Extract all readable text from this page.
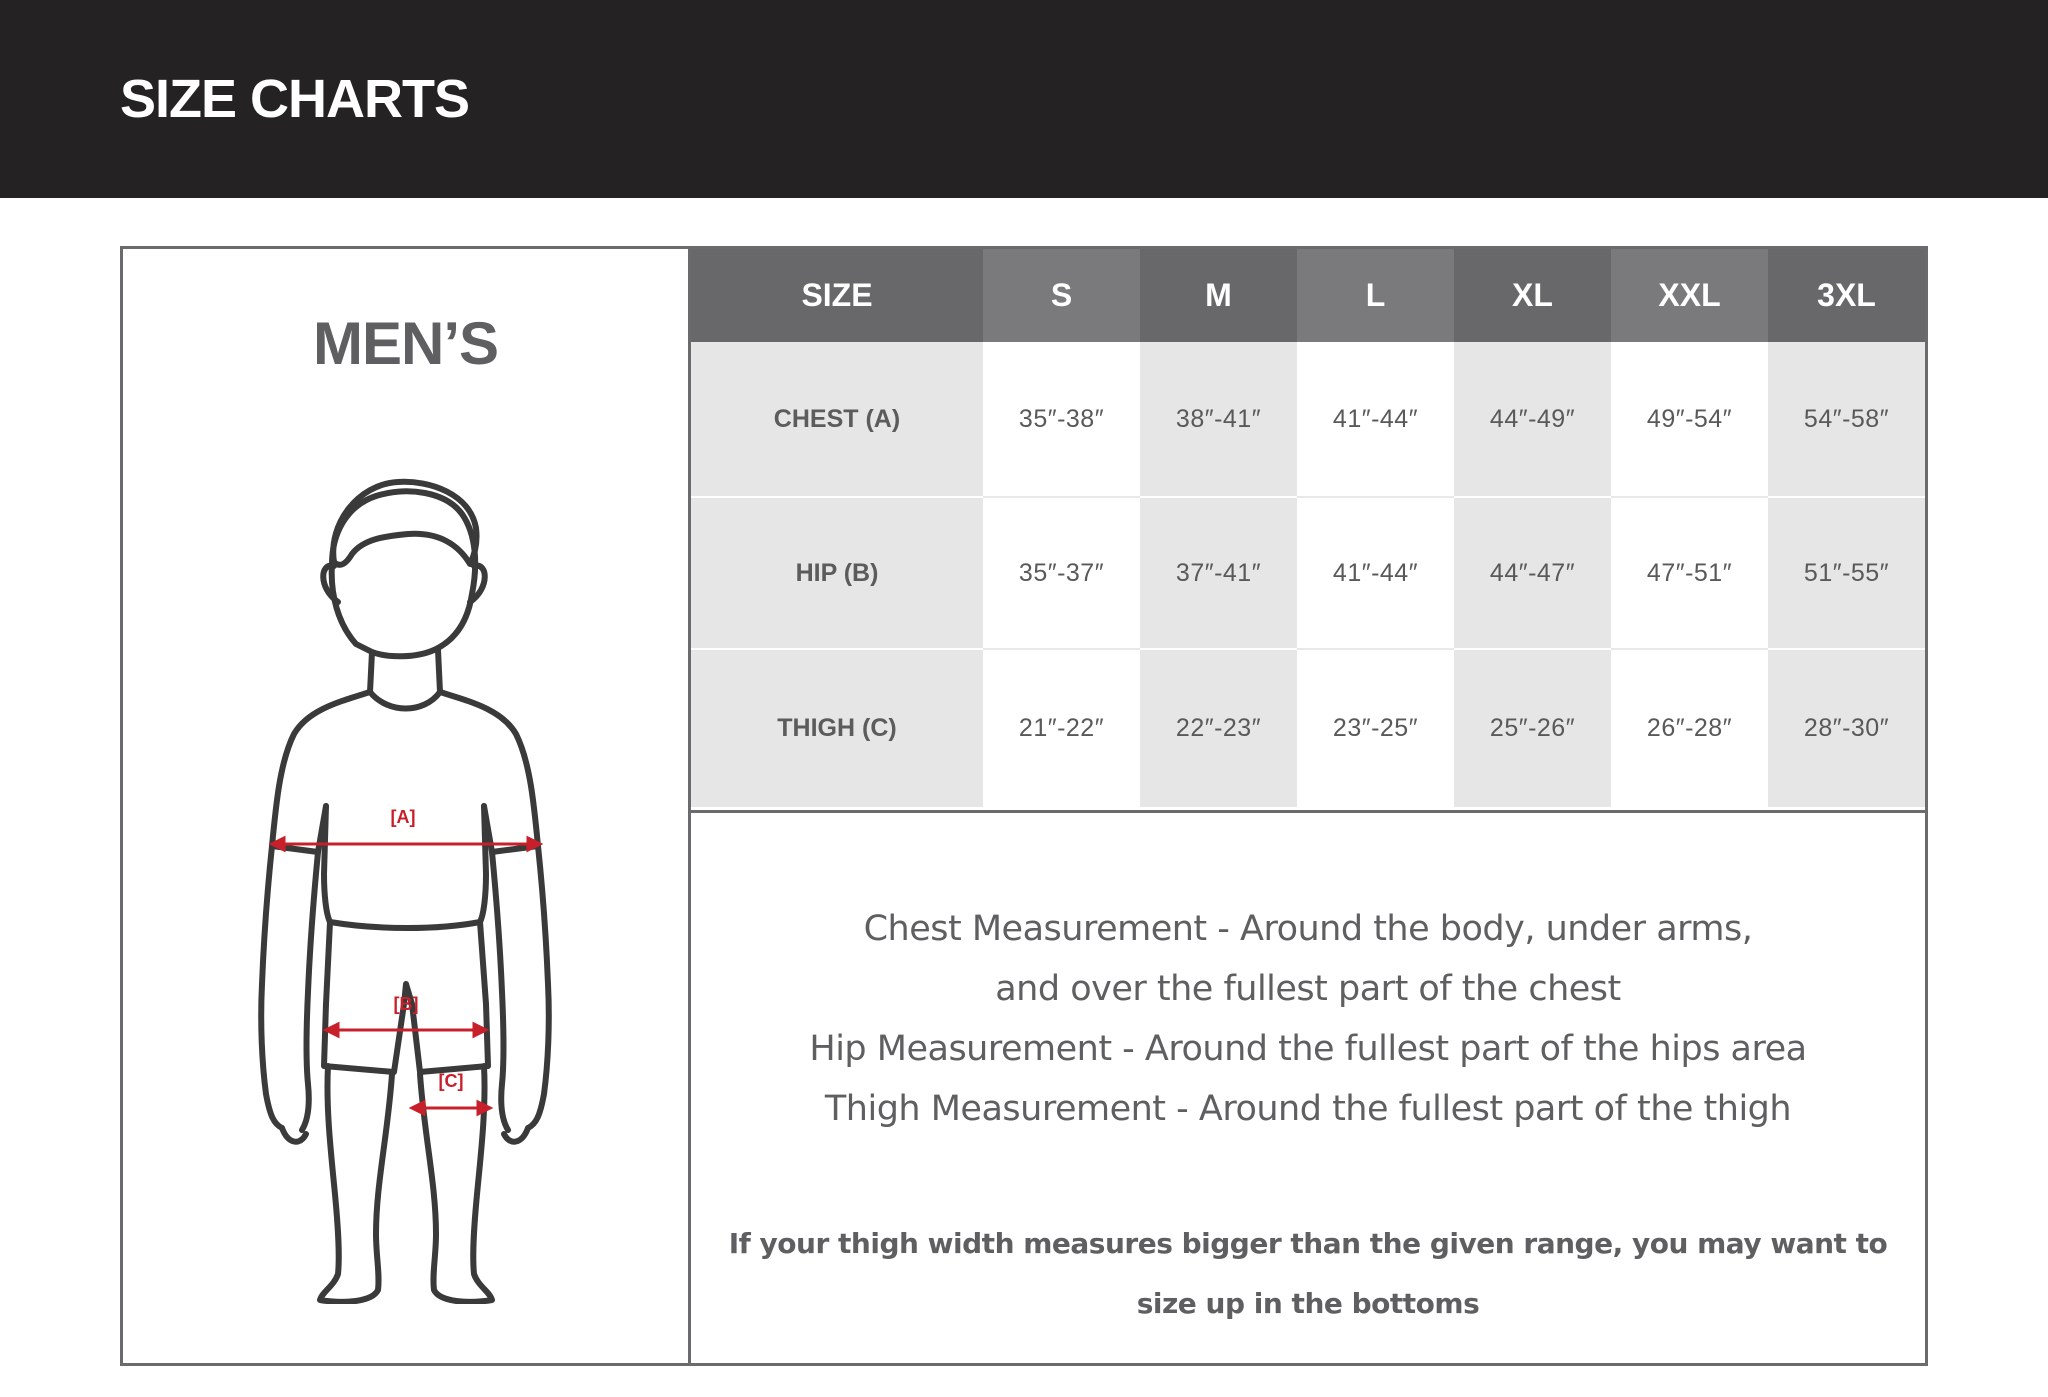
SIZE CHARTS
MEN’S
[A]
[B]
[C]
SIZE	S	M	L	XL	XXL	3XL
CHEST (A)	35″-38″	38″-41″	41″-44″	44″-49″	49″-54″	54″-58″
HIP (B)	35″-37″	37″-41″	41″-44″	44″-47″	47″-51″	51″-55″
THIGH (C)	21″-22″	22″-23″	23″-25″	25″-26″	26″-28″	28″-30″
Chest Measurement - Around the body, under arms,
and over the fullest part of the chest
Hip Measurement - Around the fullest part of the hips area
Thigh Measurement - Around the fullest part of the thigh
If your thigh width measures bigger than the given range, you may want to
size up in the bottoms
